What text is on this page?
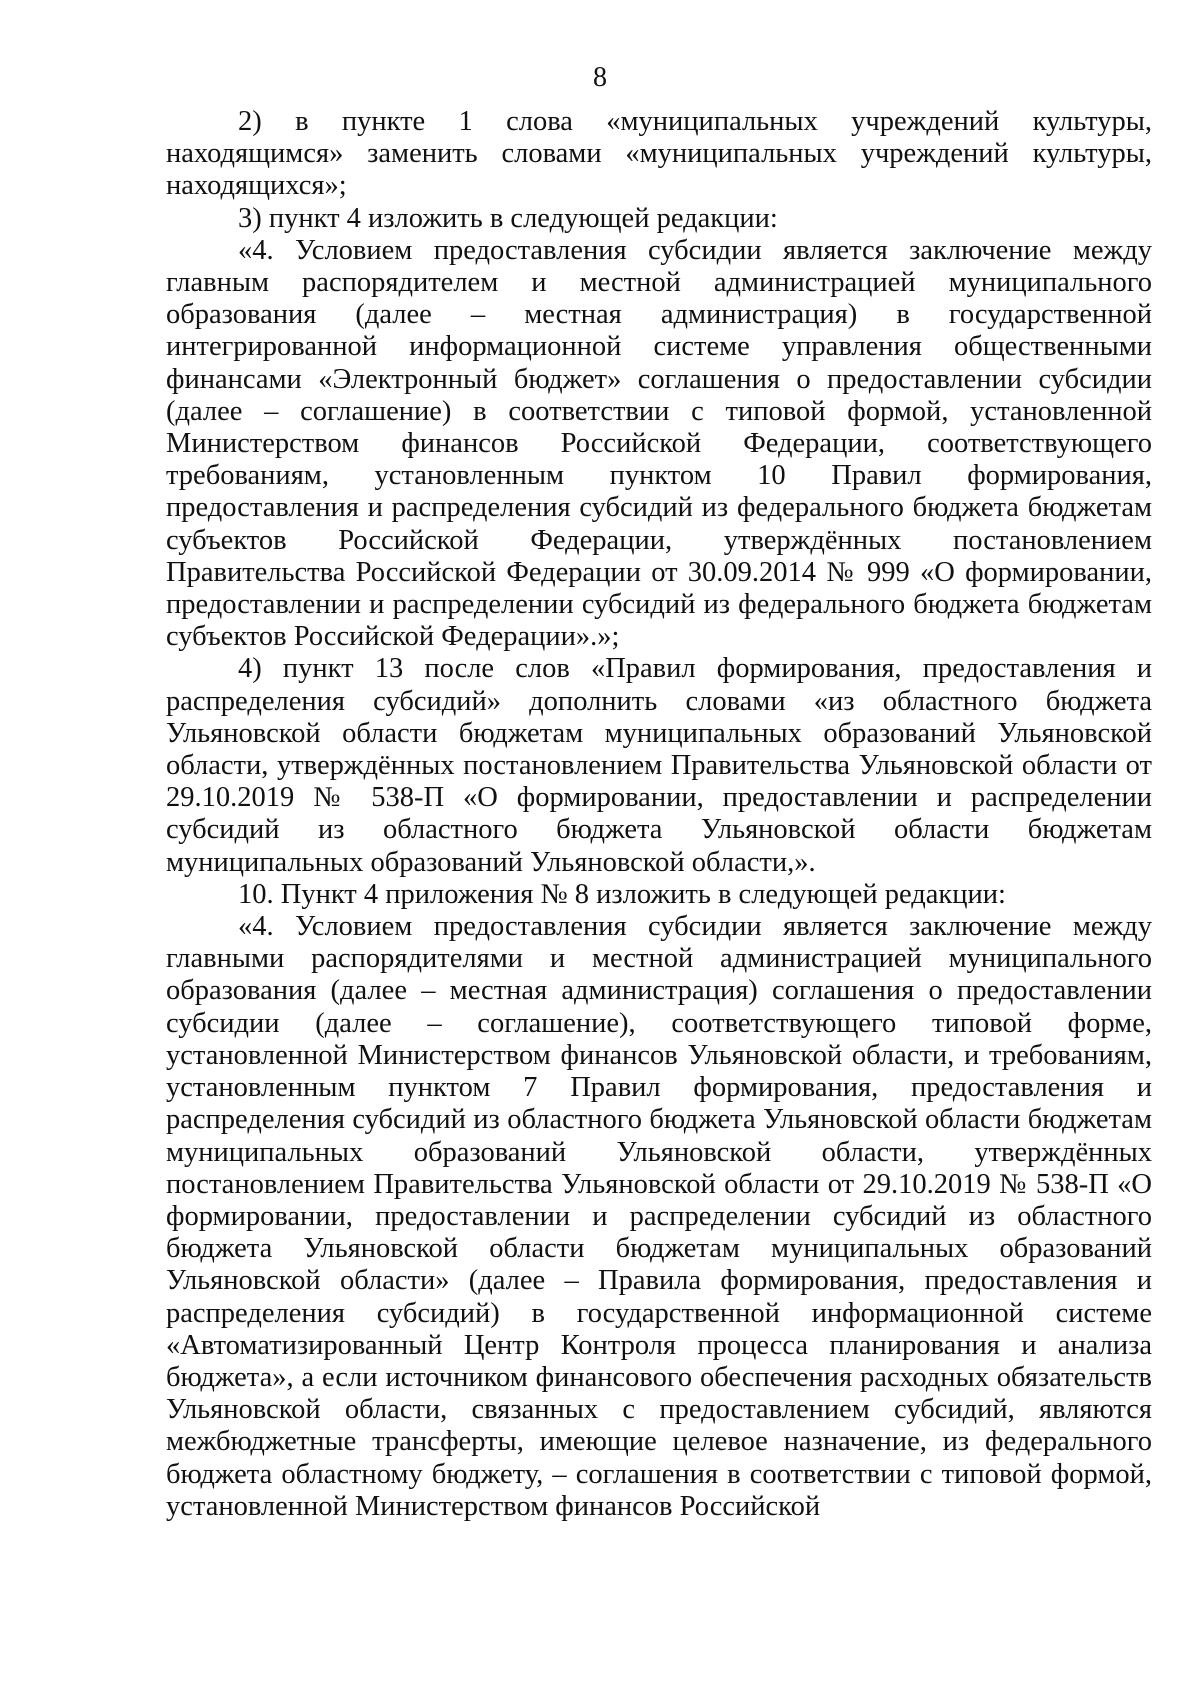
8

2) в пункте 1 слова «муниципальных учреждений культуры, находящимся» заменить словами «муниципальных учреждений культуры, находящихся»;

3) пункт 4 изложить в следующей редакции:

«4. Условием предоставления субсидии является заключение между главным распорядителем и местной администрацией муниципального образования (далее – местная администрация) в государственной интегрированной информационной системе управления общественными финансами «Электронный бюджет» соглашения о предоставлении субсидии (далее – соглашение) в соответствии с типовой формой, установленной Министерством финансов Российской Федерации, соответствующего требованиям, установленным пунктом 10 Правил формирования, предоставления и распределения субсидий из федерального бюджета бюджетам субъектов Российской Федерации, утверждённых постановлением Правительства Российской Федерации от 30.09.2014 № 999 «О формировании, предоставлении и распределении субсидий из федерального бюджета бюджетам субъектов Российской Федерации».»;

4) пункт 13 после слов «Правил формирования, предоставления и распределения субсидий» дополнить словами «из областного бюджета Ульяновской области бюджетам муниципальных образований Ульяновской области, утверждённых постановлением Правительства Ульяновской области от 29.10.2019 № 538-П «О формировании, предоставлении и распределении субсидий из областного бюджета Ульяновской области бюджетам муниципальных образований Ульяновской области,».

10. Пункт 4 приложения № 8 изложить в следующей редакции:

«4. Условием предоставления субсидии является заключение между главными распорядителями и местной администрацией муниципального образования (далее – местная администрация) соглашения о предоставлении субсидии (далее – соглашение), соответствующего типовой форме, установленной Министерством финансов Ульяновской области, и требованиям, установленным пунктом 7 Правил формирования, предоставления и распределения субсидий из областного бюджета Ульяновской области бюджетам муниципальных образований Ульяновской области, утверждённых постановлением Правительства Ульяновской области от 29.10.2019 № 538-П «О формировании, предоставлении и распределении субсидий из областного бюджета Ульяновской области бюджетам муниципальных образований Ульяновской области» (далее – Правила формирования, предоставления и распределения субсидий) в государственной информационной системе «Автоматизированный Центр Контроля процесса планирования и анализа бюджета», а если источником финансового обеспечения расходных обязательств Ульяновской области, связанных с предоставлением субсидий, являются межбюджетные трансферты, имеющие целевое назначение, из федерального бюджета областному бюджету, – соглашения в соответствии с типовой формой, установленной Министерством финансов Российской
